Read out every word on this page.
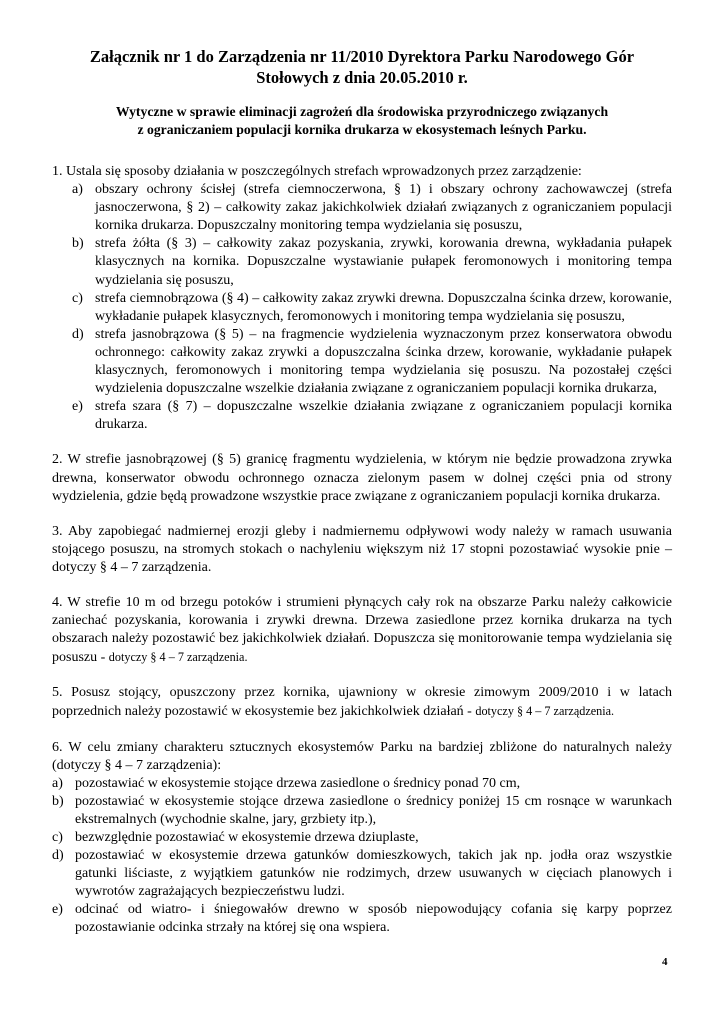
Załącznik nr 1 do Zarządzenia nr 11/2010 Dyrektora Parku Narodowego Gór Stołowych z dnia 20.05.2010 r.
Wytyczne w sprawie eliminacji zagrożeń dla środowiska przyrodniczego związanych
z ograniczaniem populacji kornika drukarza w ekosystemach leśnych Parku.

1. Ustala się sposoby działania w poszczególnych strefach wprowadzonych przez zarządzenie:

a) obszary ochrony ścisłej (strefa ciemnoczerwona, § 1) i obszary ochrony zachowawczej (strefa jasnoczerwona, § 2) – całkowity zakaz jakichkolwiek działań związanych z ograniczaniem populacji kornika drukarza. Dopuszczalny monitoring tempa wydzielania się posuszu,
b) strefa żółta (§ 3) – całkowity zakaz pozyskania, zrywki, korowania drewna, wykładania pułapek klasycznych na kornika. Dopuszczalne wystawianie pułapek feromonowych i monitoring tempa wydzielania się posuszu,
c) strefa ciemnobrązowa (§ 4) – całkowity zakaz zrywki drewna. Dopuszczalna ścinka drzew, korowanie, wykładanie pułapek klasycznych, feromonowych i monitoring tempa wydzielania się posuszu,
d) strefa jasnobrązowa (§ 5) – na fragmencie wydzielenia wyznaczonym przez konserwatora obwodu ochronnego: całkowity zakaz zrywki a dopuszczalna ścinka drzew, korowanie, wykładanie pułapek klasycznych, feromonowych i monitoring tempa wydzielania się posuszu. Na pozostałej części wydzielenia dopuszczalne wszelkie działania związane z ograniczaniem populacji kornika drukarza,
e) strefa szara (§ 7) – dopuszczalne wszelkie działania związane z ograniczaniem populacji kornika drukarza.

2. W strefie jasnobrązowej (§ 5) granicę fragmentu wydzielenia, w którym nie będzie prowadzona zrywka drewna, konserwator obwodu ochronnego oznacza zielonym pasem w dolnej części pnia od strony wydzielenia, gdzie będą prowadzone wszystkie prace związane z ograniczaniem populacji kornika drukarza.

3. Aby zapobiegać nadmiernej erozji gleby i nadmiernemu odpływowi wody należy w ramach usuwania stojącego posuszu, na stromych stokach o nachyleniu większym niż 17 stopni pozostawiać wysokie pnie – dotyczy § 4 – 7 zarządzenia.

4. W strefie 10 m od brzegu potoków i strumieni płynących cały rok na obszarze Parku należy całkowicie zaniechać pozyskania, korowania i zrywki drewna. Drzewa zasiedlone przez kornika drukarza na tych obszarach należy pozostawić bez jakichkolwiek działań. Dopuszcza się monitorowanie tempa wydzielania się posuszu - dotyczy § 4 – 7 zarządzenia.

5. Posusz stojący, opuszczony przez kornika, ujawniony w okresie zimowym 2009/2010 i w latach poprzednich należy pozostawić w ekosystemie bez jakichkolwiek działań - dotyczy § 4 – 7 zarządzenia.

6. W celu zmiany charakteru sztucznych ekosystemów Parku na bardziej zbliżone do naturalnych należy (dotyczy § 4 – 7 zarządzenia):

a) pozostawiać w ekosystemie stojące drzewa zasiedlone o średnicy ponad 70 cm,
b) pozostawiać w ekosystemie stojące drzewa zasiedlone o średnicy poniżej 15 cm rosnące w warunkach ekstremalnych (wychodnie skalne, jary, grzbiety itp.),
c) bezwzględnie pozostawiać w ekosystemie drzewa dziuplaste,
d) pozostawiać w ekosystemie drzewa gatunków domieszkowych, takich jak np. jodła oraz wszystkie gatunki liściaste, z wyjątkiem gatunków nie rodzimych, drzew usuwanych w cięciach planowych i wywrotów zagrażających bezpieczeństwu ludzi.
e) odcinać od wiatro- i śniegowałów drewno w sposób niepowodujący cofania się karpy poprzez pozostawianie odcinka strzały na której się ona wspiera.
4
